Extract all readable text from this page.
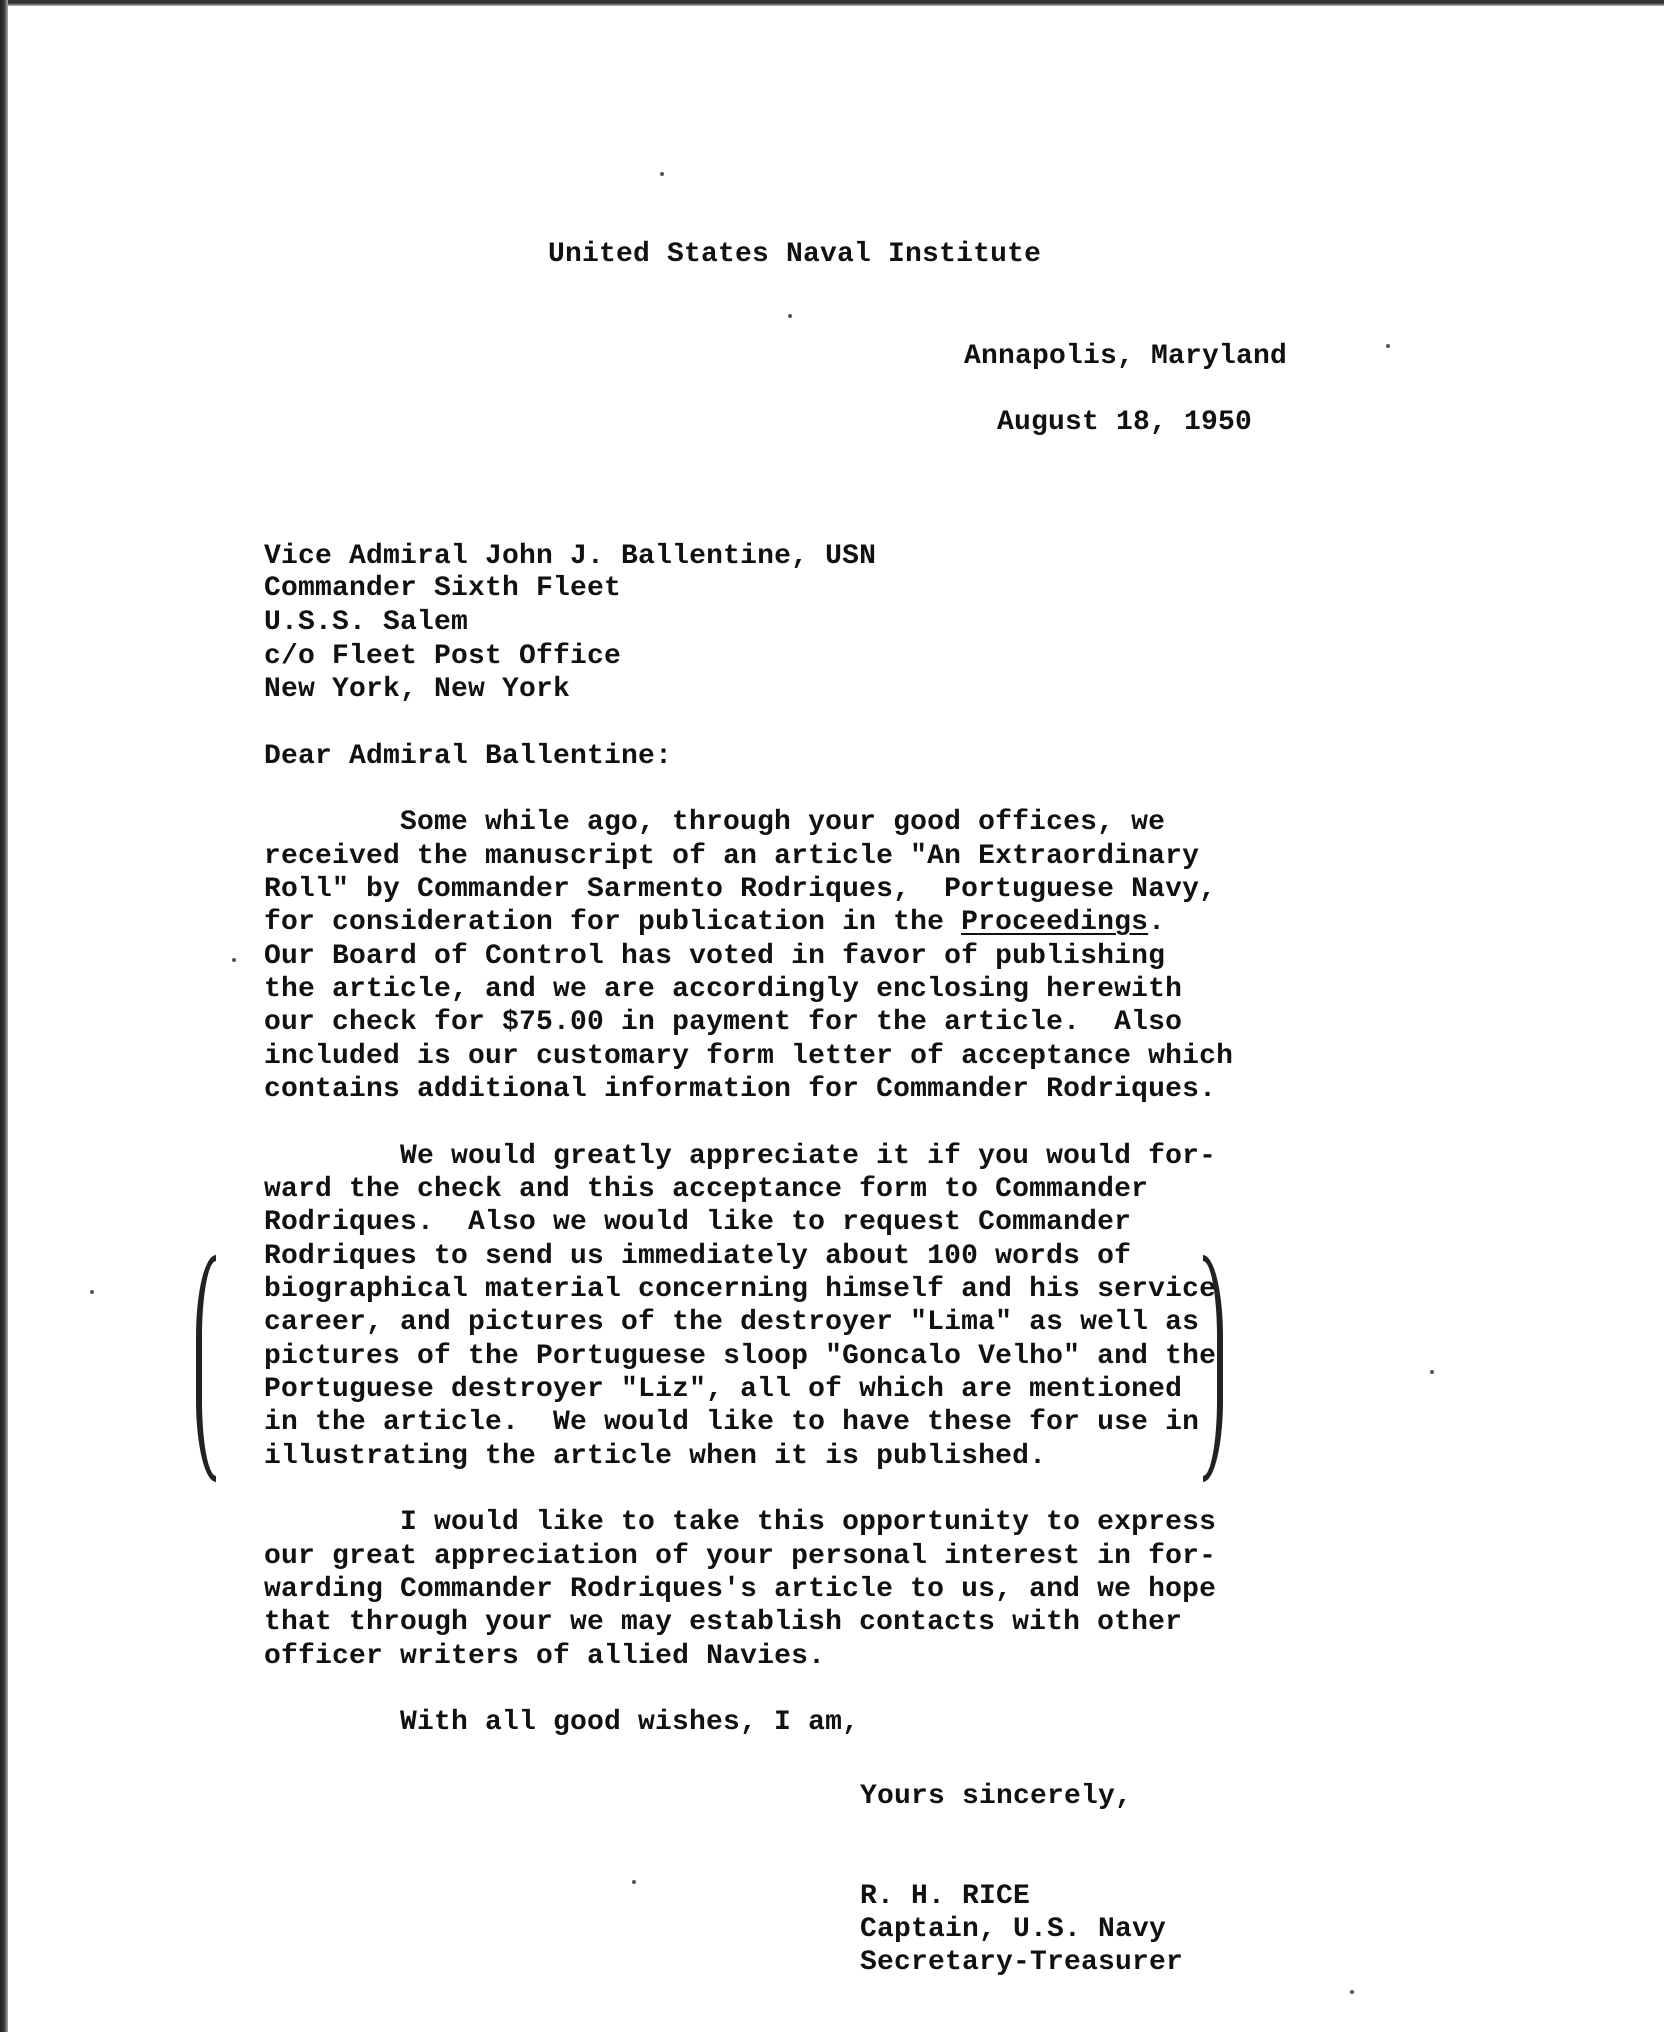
United States Naval Institute
Annapolis, Maryland
August 18, 1950
Vice Admiral John J. Ballentine, USN
Commander Sixth Fleet
U.S.S. Salem
c/o Fleet Post Office
New York, New York
Dear Admiral Ballentine:
Some while ago, through your good offices, we
received the manuscript of an article "An Extraordinary
Roll" by Commander Sarmento Rodriques,  Portuguese Navy,
for consideration for publication in the Proceedings.
Our Board of Control has voted in favor of publishing
the article, and we are accordingly enclosing herewith
our check for $75.00 in payment for the article.  Also
included is our customary form letter of acceptance which
contains additional information for Commander Rodriques.
We would greatly appreciate it if you would for-
ward the check and this acceptance form to Commander
Rodriques.  Also we would like to request Commander
Rodriques to send us immediately about 100 words of
biographical material concerning himself and his service
career, and pictures of the destroyer "Lima" as well as
pictures of the Portuguese sloop "Goncalo Velho" and the
Portuguese destroyer "Liz", all of which are mentioned
in the article.  We would like to have these for use in
illustrating the article when it is published.
I would like to take this opportunity to express
our great appreciation of your personal interest in for-
warding Commander Rodriques's article to us, and we hope
that through your we may establish contacts with other
officer writers of allied Navies.
With all good wishes, I am,
Yours sincerely,
R. H. RICE
Captain, U.S. Navy
Secretary-Treasurer
